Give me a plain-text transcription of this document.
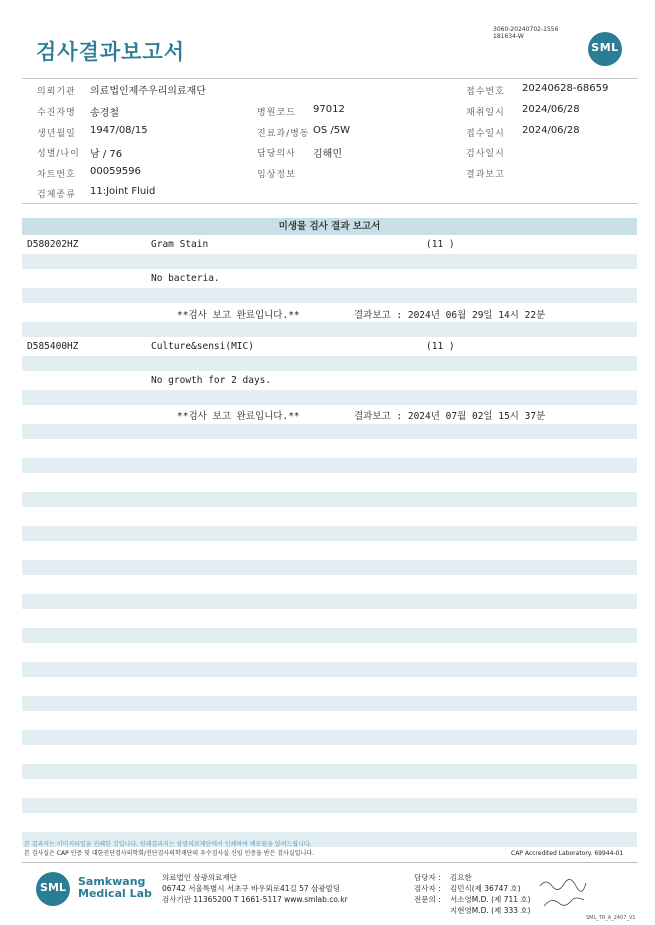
검사결과보고서
3060-20240702-1556
181634-W
SML
의뢰기관 의료법인제주우리의료재단	접수번호 20240628-68659
수진자명 송경철	병원코드 97012	채취일시 2024/06/28
생년월일 1947/08/15	진료과/병동 OS /5W	접수일시 2024/06/28
성별/나이 남 / 76	담당의사 김해민	검사일시
차트번호 00059596	임상정보	결과보고
검체종류 11:Joint Fluid
미생물 검사 결과 보고서
D580202HZ	Gram Stain	(11 )
No bacteria.
**검사 보고 완료입니다.**	결과보고 : 2024년 06월 29일 14시 22분
D585400HZ	Culture&sensi(MIC)	(11 )
No growth for 2 days.
**검사 보고 완료입니다.**	결과보고 : 2024년 07월 02일 15시 37분
본 결과지는 이미지파일을 인쇄한 것입니다. 원래결과지는 삼광의료재단에서 인쇄하여 배포됨을 알려드립니다.
본 검사실은 CAP 인증 및 대한진단검사의학회/진단검사의학재단의 우수검사실 신임 인증을 받은 검사실입니다.	CAP Accredited Laboratory. 69944-01
SML	Samkwang
Medical Lab
의료법인 삼광의료재단
06742 서울특별시 서초구 바우뫼로41길 57 삼광빌딩
검사기관 11365200 T 1661-5117 www.smlab.co.kr
담당자 : 김요한
검사자 : 김민식(제 36747 호)
전문의 : 서소영M.D. (제 711 호)
지현영M.D. (제 333 호)
SML_TR_A_2407_V1
